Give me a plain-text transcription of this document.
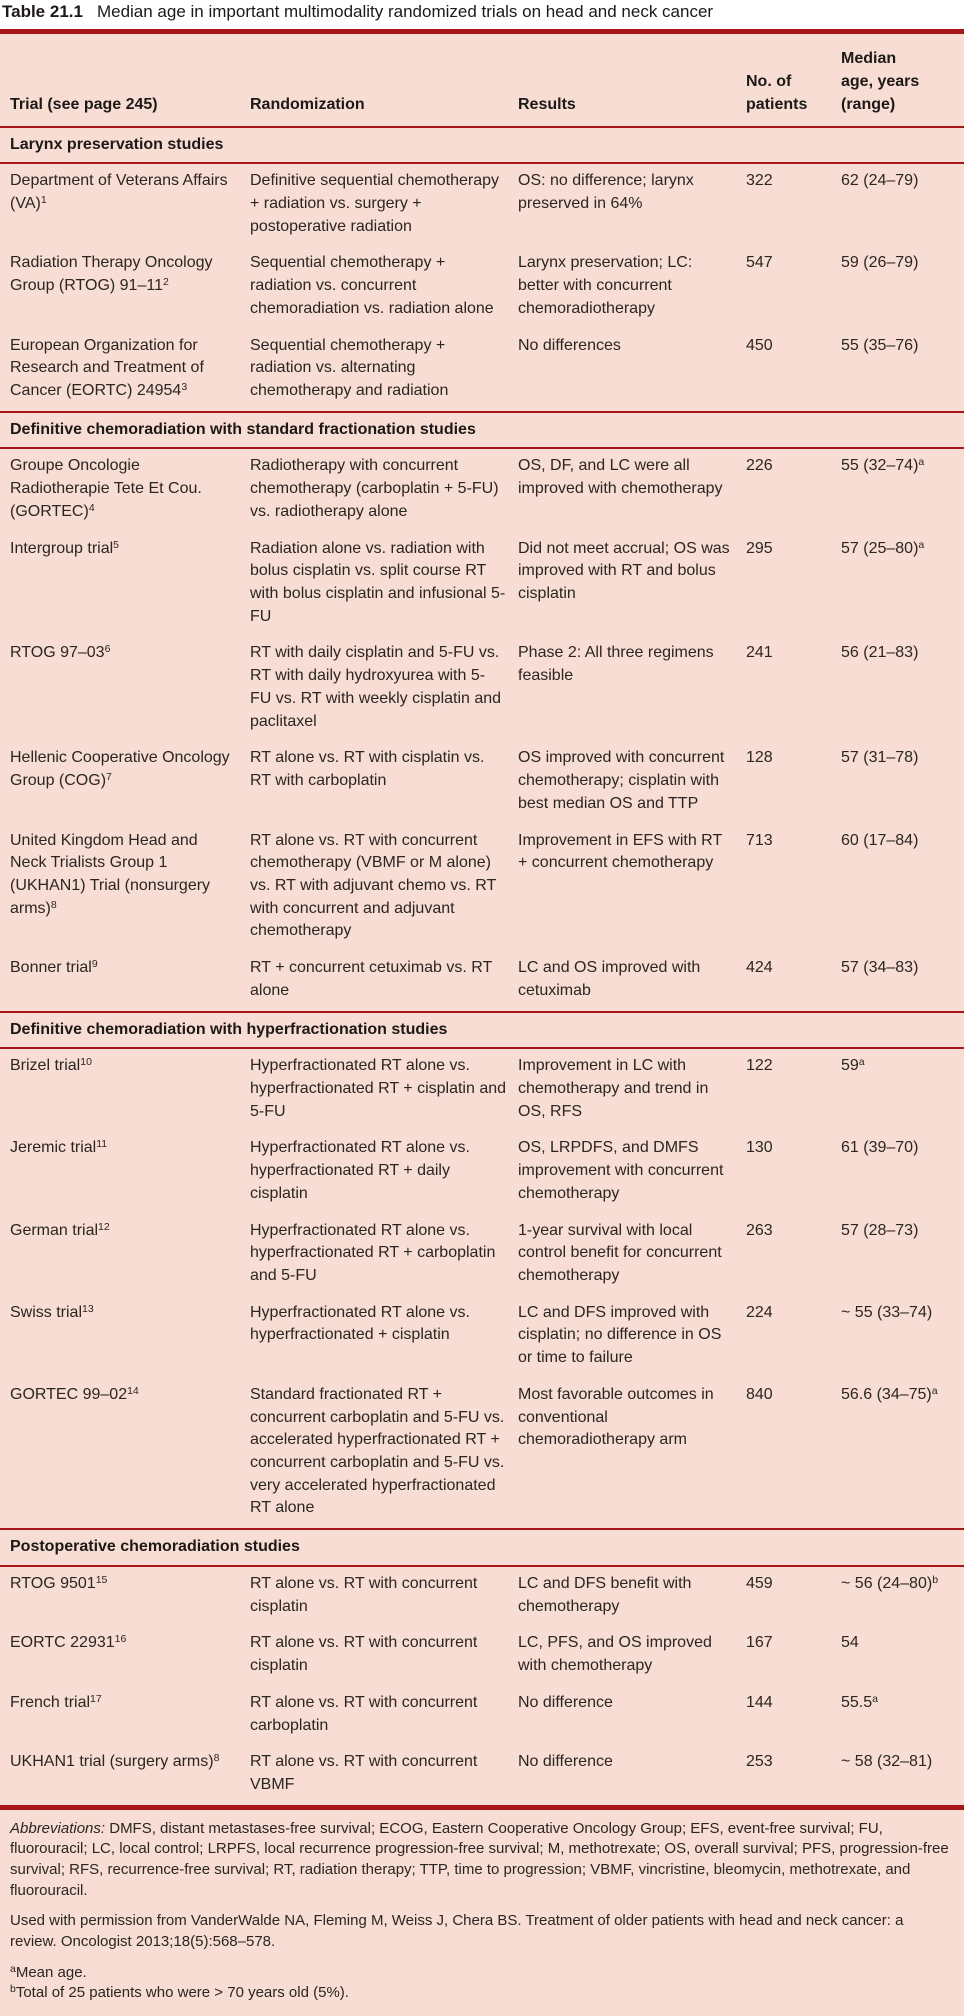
Table 21.1 Median age in important multimodality randomized trials on head and neck cancer
Trial (see page 245)	Randomization	Results	No. of patients	Median age, years (range)
Larynx preservation studies				
Department of Veterans Affairs (VA)$^1$	Definitive sequential chemotherapy + radiation vs. surgery + postoperative radiation	OS: no difference; larynx preserved in 64%	322	62 (24–79)
Radiation Therapy Oncology Group (RTOG) $91-11^2$	Sequential chemotherapy + radiation vs. concurrent chemoradiation vs. radiation alone	Larynx preservation; LC: better with concurrent chemoradiotherapy	547	59 (26–79)
European Organization for Research and Treatment of Cancer (EORTC) 24954$^3$	Sequential chemotherapy + radiation vs. alternating chemotherapy and radiation	No differences	450	55 (35–76)
Definitive chemoradiation with standard fractionation studies				
Groupe Oncologie Radiotherapie Tete Et Cou. (GORTEC)$^4$	Radiotherapy with concurrent chemotherapy (carboplatin + 5-FU) vs. radiotherapy alone	OS, DF, and LC were all improved with chemotherapy	226	55 $(32-74)^a$
Intergroup trial$^5$	Radiation alone vs. radiation with bolus cisplatin vs. split course RT with bolus cisplatin and infusional 5-FU	Did not meet accrual; OS was improved with RT and bolus cisplatin	295	57 $(25-80)^a$
RTOG $97-03^6$	RT with daily cisplatin and 5-FU vs. RT with daily hydroxyurea with 5-FU vs. RT with weekly cisplatin and paclitaxel	Phase 2: All three regimens feasible	241	56 (21–83)
Hellenic Cooperative Oncology Group (COG)$^7$	RT alone vs. RT with cisplatin vs. RT with carboplatin	OS improved with concurrent chemotherapy; cisplatin with best median OS and TTP	128	57 (31–78)
United Kingdom Head and Neck Trialists Group 1 (UKHAN1) Trial (nonsurgery arms)$^8$	RT alone vs. RT with concurrent chemotherapy (VBMF or M alone) vs. RT with adjuvant chemo vs. RT with concurrent and adjuvant chemotherapy	Improvement in EFS with RT + concurrent chemotherapy	713	60 (17–84)
Bonner trial$^9$	RT + concurrent cetuximab vs. RT alone	LC and OS improved with cetuximab	424	57 (34–83)
Definitive chemoradiation with hyperfractionation studies				
Brizel trial$^{10}$	Hyperfractionated RT alone vs. hyperfractionated RT + cisplatin and 5-FU	Improvement in LC with chemotherapy and trend in OS, RFS	122	59$^a$
Jeremic trial$^{11}$	Hyperfractionated RT alone vs. hyperfractionated RT + daily cisplatin	OS, LRPDFS, and DMFS improvement with concurrent chemotherapy	130	61 (39–70)
German trial$^{12}$	Hyperfractionated RT alone vs. hyperfractionated RT + carboplatin and 5-FU	1-year survival with local control benefit for concurrent chemotherapy	263	57 (28–73)
Swiss trial$^{13}$	Hyperfractionated RT alone vs. hyperfractionated + cisplatin	LC and DFS improved with cisplatin; no difference in OS or time to failure	224	~ 55 (33–74)
GORTEC $99-02^{14}$	Standard fractionated RT + concurrent carboplatin and 5-FU vs. accelerated hyperfractionated RT + concurrent carboplatin and 5-FU vs. very accelerated hyperfractionated RT alone	Most favorable outcomes in conventional chemoradiotherapy arm	840	56.6 $(34-75)^a$
Postoperative chemoradiation studies				
RTOG 9501$^{15}$	RT alone vs. RT with concurrent cisplatin	LC and DFS benefit with chemotherapy	459	~ 56 $(24-80)^b$
EORTC 22931$^{16}$	RT alone vs. RT with concurrent cisplatin	LC, PFS, and OS improved with chemotherapy	167	54
French trial$^{17}$	RT alone vs. RT with concurrent carboplatin	No difference	144	55.5$^a$
UKHAN1 trial (surgery arms)$^8$	RT alone vs. RT with concurrent VBMF	No difference	253	~ 58 (32–81)

Abbreviations: DMFS, distant metastases-free survival; ECOG, Eastern Cooperative Oncology Group; EFS, event-free survival; FU, fluorouracil; LC, local control; LRPFS, local recurrence progression-free survival; M, methotrexate; OS, overall survival; PFS, progression-free survival; RFS, recurrence-free survival; RT, radiation therapy; TTP, time to progression; VBMF, vincristine, bleomycin, methotrexate, and fluorouracil.

Used with permission from VanderWalde NA, Fleming M, Weiss J, Chera BS. Treatment of older patients with head and neck cancer: a review. Oncologist 2013;18(5):568–578.

$^a$Mean age.

$^b$Total of 25 patients who were > 70 years old (5%).
